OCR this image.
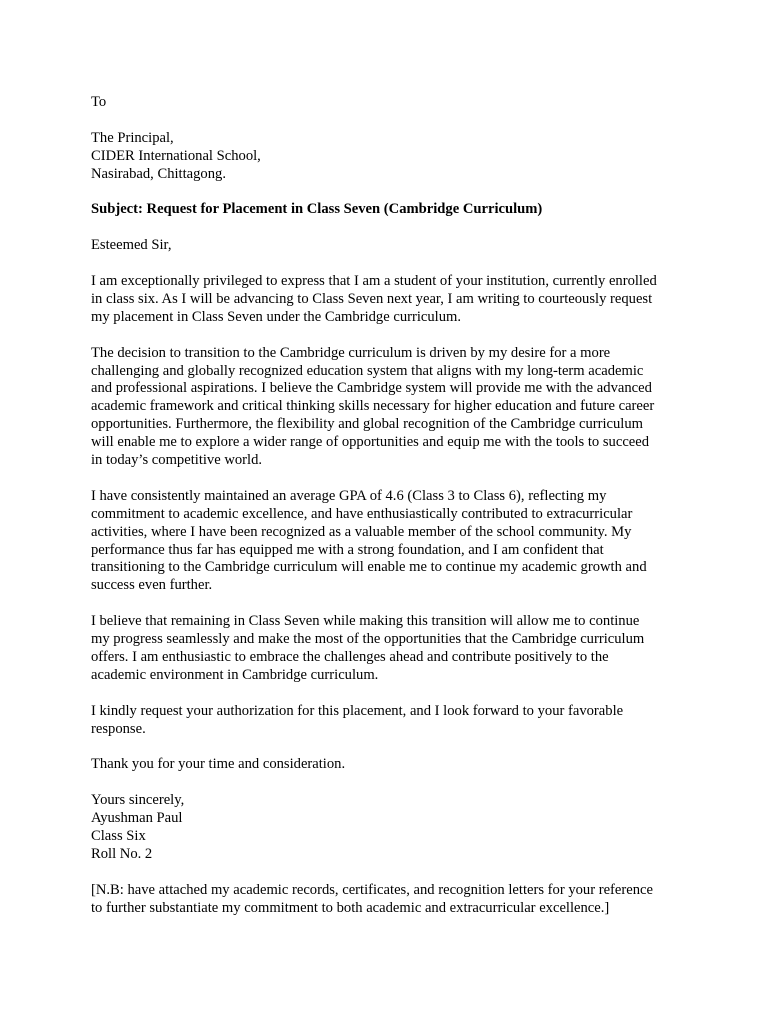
To
The Principal,
CIDER International School,
Nasirabad, Chittagong.
Subject: Request for Placement in Class Seven (Cambridge Curriculum)
Esteemed Sir,
I am exceptionally privileged to express that I am a student of your institution, currently enrolled
in class six. As I will be advancing to Class Seven next year, I am writing to courteously request
my placement in Class Seven under the Cambridge curriculum.
The decision to transition to the Cambridge curriculum is driven by my desire for a more
challenging and globally recognized education system that aligns with my long-term academic
and professional aspirations. I believe the Cambridge system will provide me with the advanced
academic framework and critical thinking skills necessary for higher education and future career
opportunities. Furthermore, the flexibility and global recognition of the Cambridge curriculum
will enable me to explore a wider range of opportunities and equip me with the tools to succeed
in today’s competitive world.
I have consistently maintained an average GPA of 4.6 (Class 3 to Class 6), reflecting my
commitment to academic excellence, and have enthusiastically contributed to extracurricular
activities, where I have been recognized as a valuable member of the school community. My
performance thus far has equipped me with a strong foundation, and I am confident that
transitioning to the Cambridge curriculum will enable me to continue my academic growth and
success even further.
I believe that remaining in Class Seven while making this transition will allow me to continue
my progress seamlessly and make the most of the opportunities that the Cambridge curriculum
offers. I am enthusiastic to embrace the challenges ahead and contribute positively to the
academic environment in Cambridge curriculum.
I kindly request your authorization for this placement, and I look forward to your favorable
response.
Thank you for your time and consideration.
Yours sincerely,
Ayushman Paul
Class Six
Roll No. 2
[N.B: have attached my academic records, certificates, and recognition letters for your reference
to further substantiate my commitment to both academic and extracurricular excellence.]
